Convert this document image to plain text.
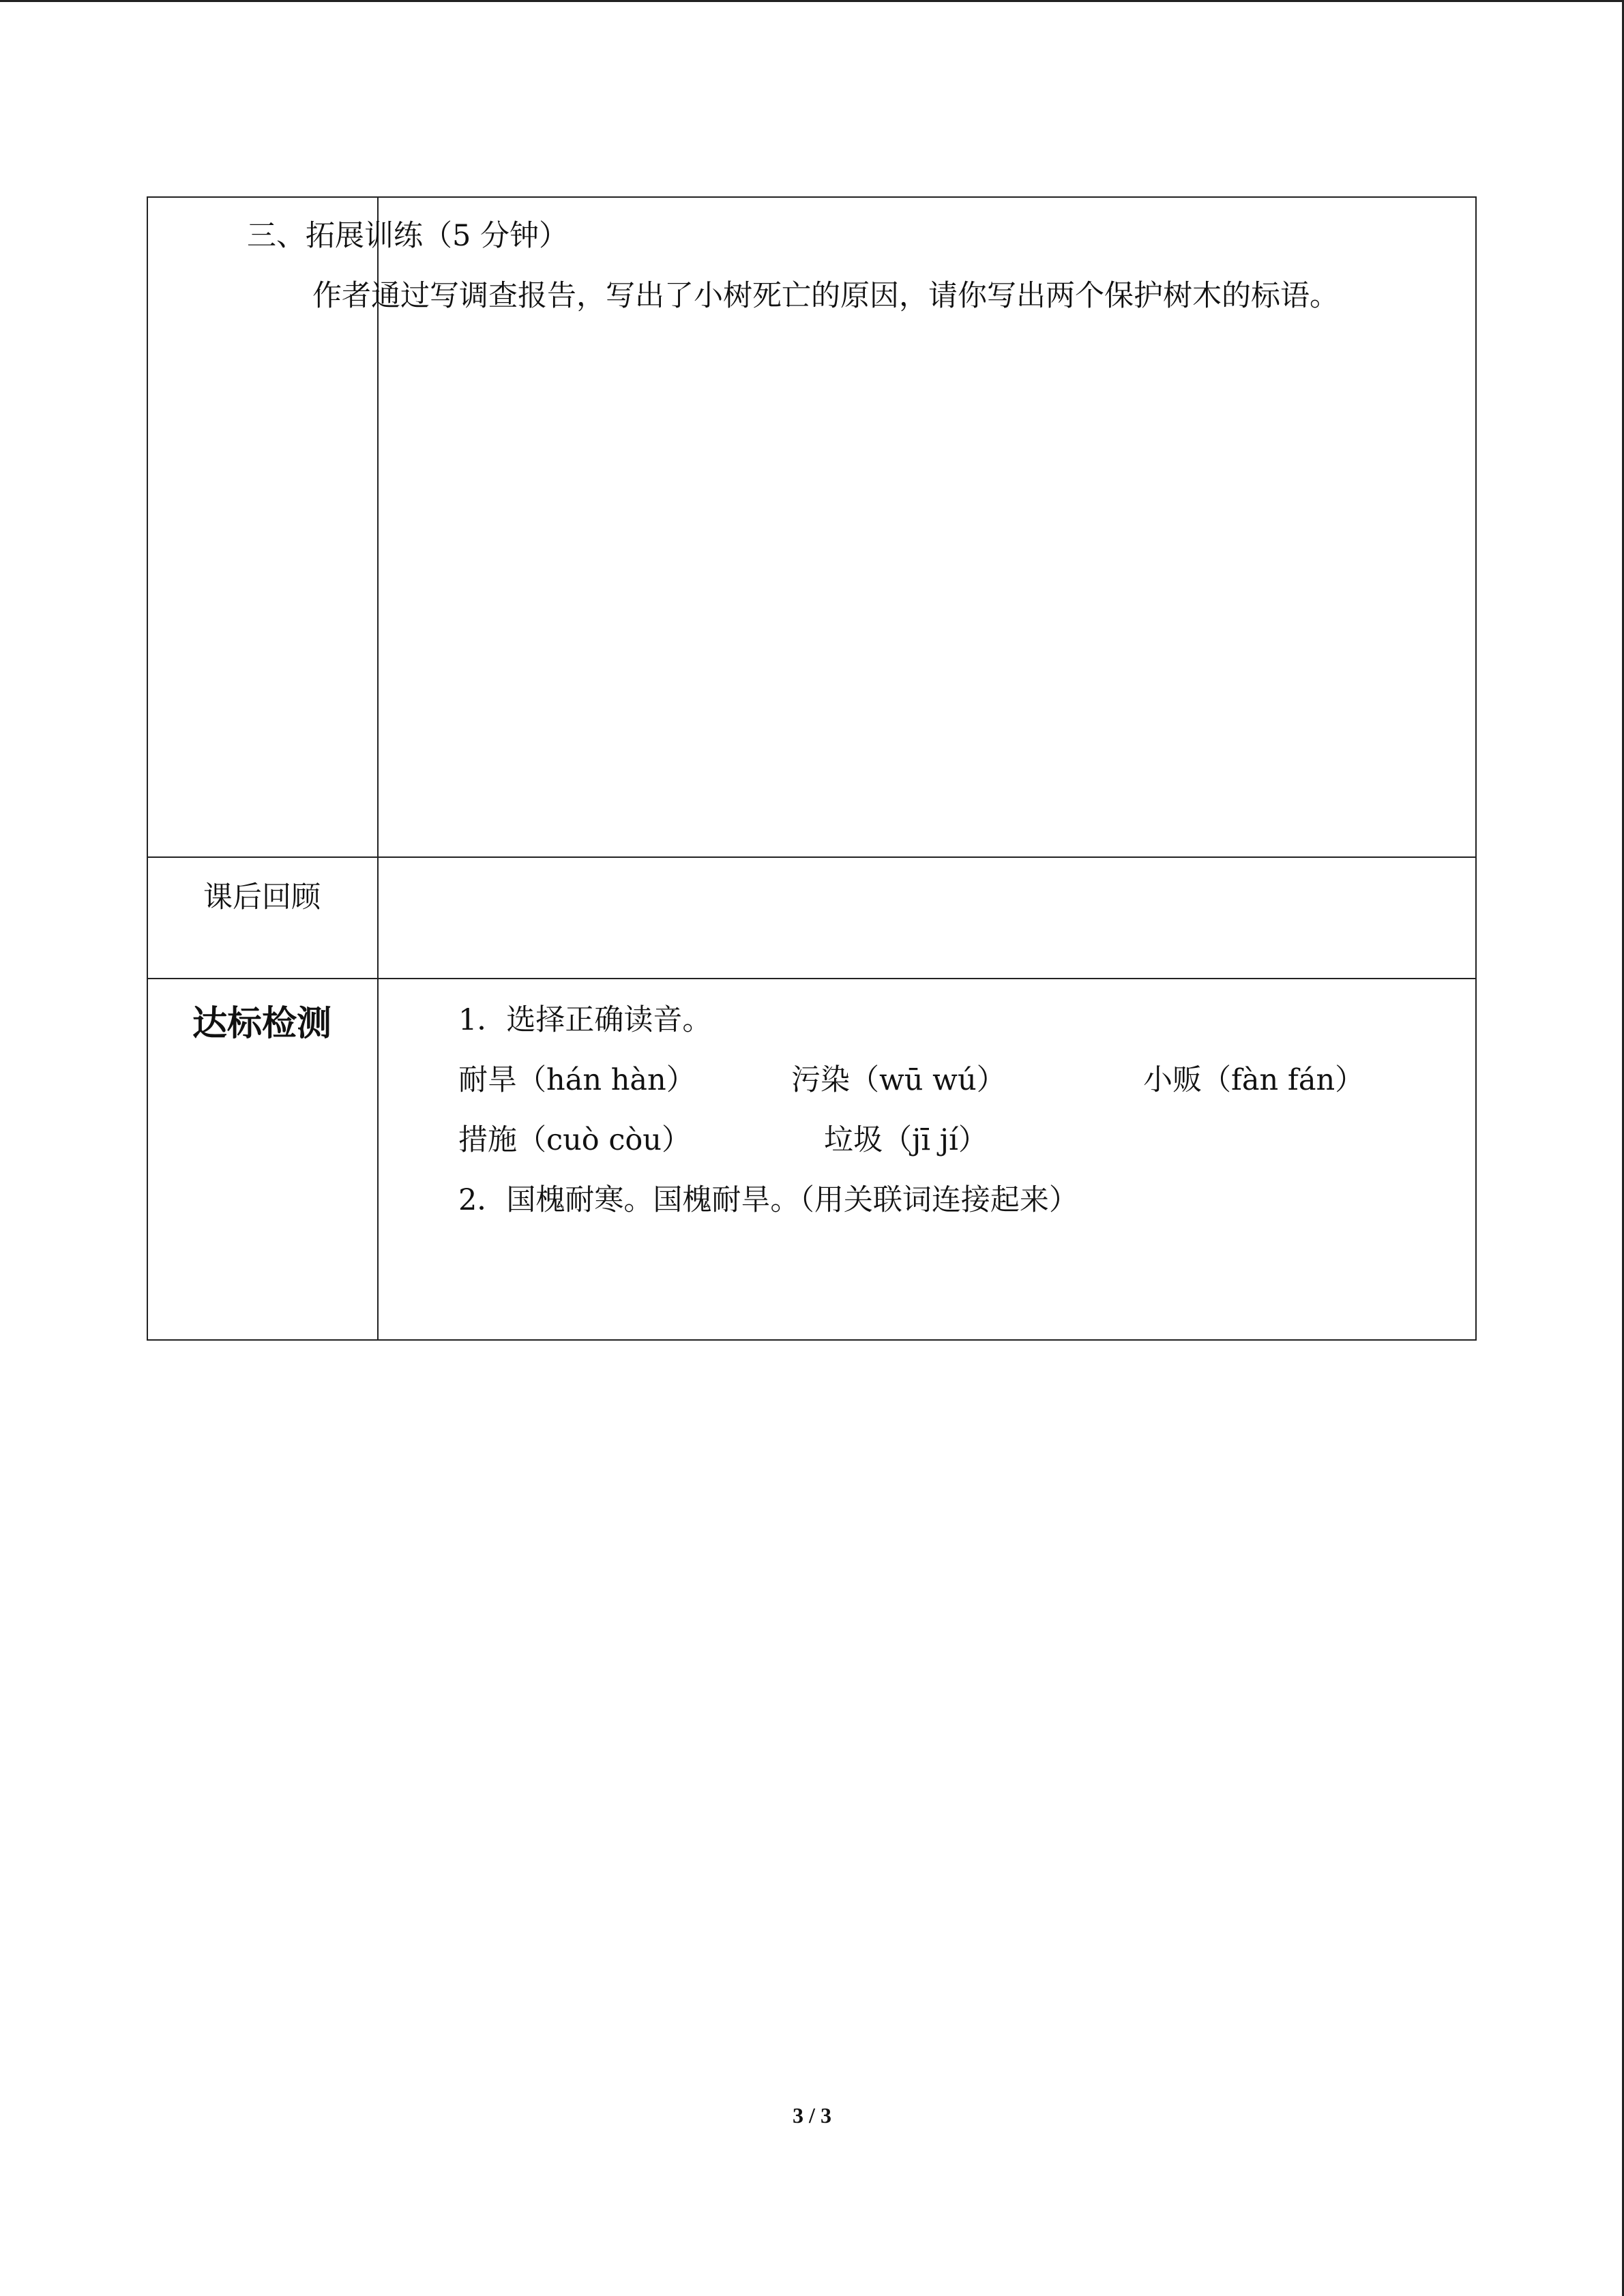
三、拓展训练（5 分钟）
作者通过写调查报告，写出了小树死亡的原因，请你写出两个保护树木的标语。
课后回顾
达标检测	1．选择正确读音。
耐旱（hán hàn）	污染（wū wú）	小贩（fàn fán）
措施（cuò còu）	垃圾（jī jí）
2．国槐耐寒。国槐耐旱。（用关联词连接起来）
3 / 3
